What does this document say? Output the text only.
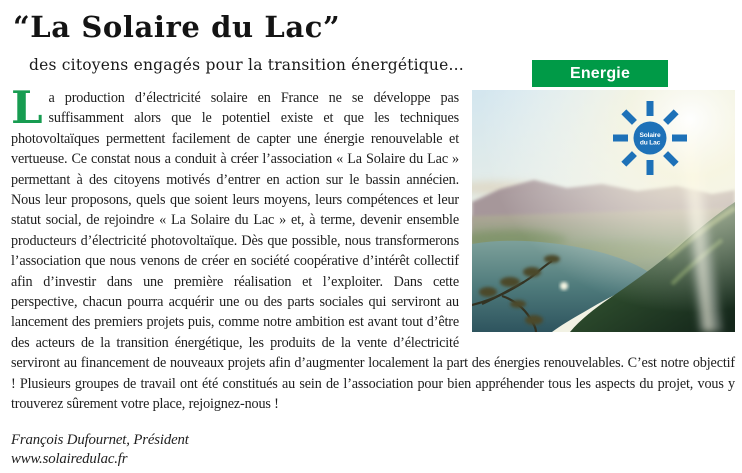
“La Solaire du Lac”
des citoyens engagés pour la transition énergétique...	Energie
Solaire
du Lac
L a production d’électricité solaire en France ne se développe pas suffisamment alors que le potentiel existe et que les techniques photovoltaïques permettent facilement de capter une énergie renouvelable et vertueuse. Ce constat nous a conduit à créer l’association « La Solaire du Lac » permettant à des citoyens motivés d’entrer en action sur le bassin annécien. Nous leur proposons, quels que soient leurs moyens, leurs compétences et leur statut social, de rejoindre « La Solaire du Lac » et, à terme, devenir ensemble producteurs d’électricité photovoltaïque. Dès que possible, nous transformerons l’association que nous venons de créer en société coopérative d’intérêt collectif afin d’investir dans une première réalisation et l’exploiter. Dans cette perspective, chacun pourra acquérir une ou des parts sociales qui serviront au lancement des premiers projets puis, comme notre ambition est avant tout d’être des acteurs de la transition énergétique, les produits de la vente d’électricité serviront au financement de nouveaux projets afin d’augmenter localement la part des énergies renouvelables. C’est notre objectif ! Plusieurs groupes de travail ont été constitués au sein de l’association pour bien appréhender tous les aspects du projet, vous y trouverez sûrement votre place, rejoignez-nous !
François Dufournet, Président
www.solairedulac.fr
